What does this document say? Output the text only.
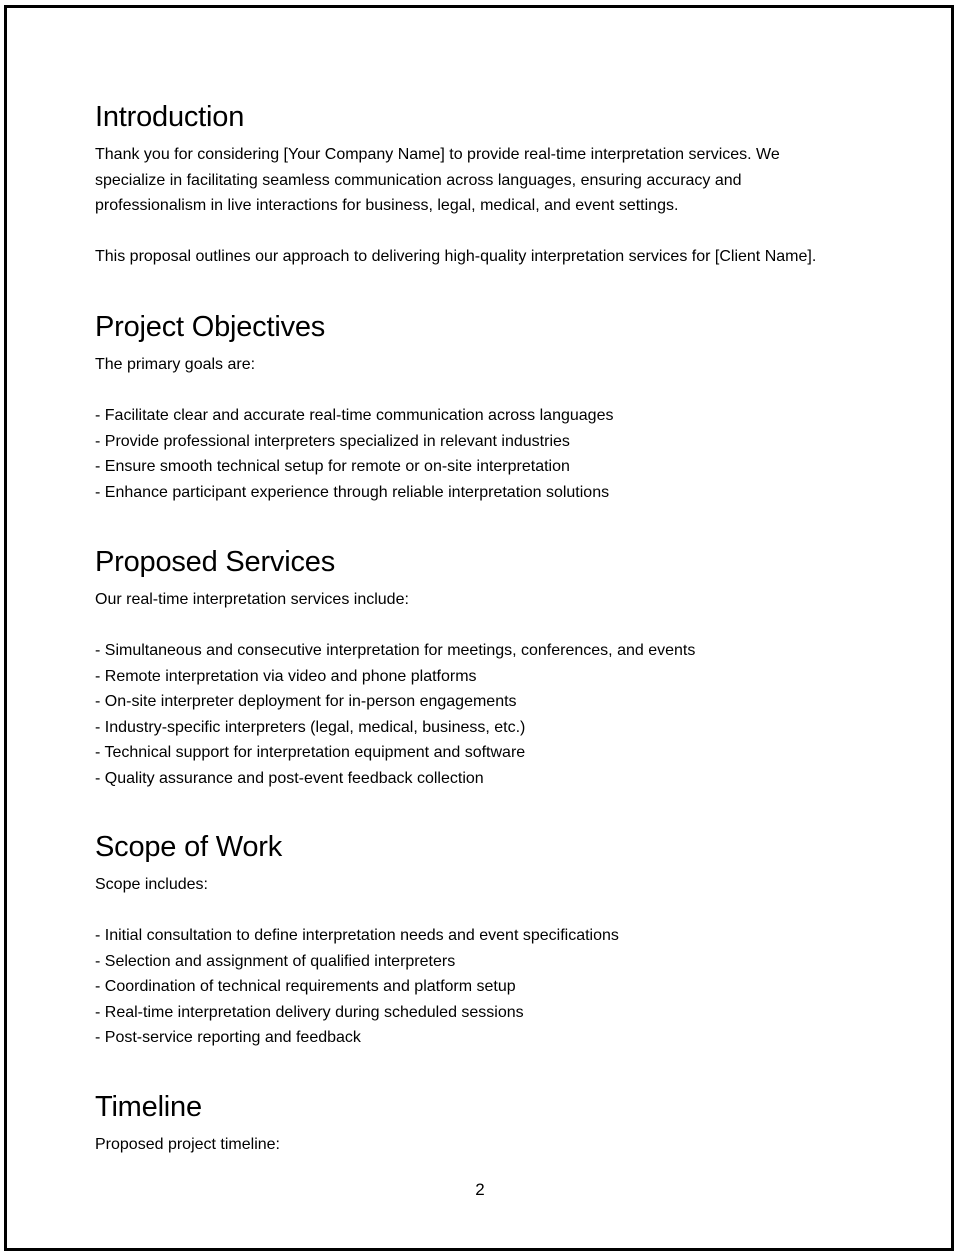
Introduction

Thank you for considering [Your Company Name] to provide real-time interpretation services. We

specialize in facilitating seamless communication across languages, ensuring accuracy and

professionalism in live interactions for business, legal, medical, and event settings.

This proposal outlines our approach to delivering high-quality interpretation services for [Client Name].

Project Objectives

The primary goals are:

- Facilitate clear and accurate real-time communication across languages
- Provide professional interpreters specialized in relevant industries
- Ensure smooth technical setup for remote or on-site interpretation
- Enhance participant experience through reliable interpretation solutions
Proposed Services

Our real-time interpretation services include:

- Simultaneous and consecutive interpretation for meetings, conferences, and events
- Remote interpretation via video and phone platforms
- On-site interpreter deployment for in-person engagements
- Industry-specific interpreters (legal, medical, business, etc.)
- Technical support for interpretation equipment and software
- Quality assurance and post-event feedback collection
Scope of Work

Scope includes:

- Initial consultation to define interpretation needs and event specifications
- Selection and assignment of qualified interpreters
- Coordination of technical requirements and platform setup
- Real-time interpretation delivery during scheduled sessions
- Post-service reporting and feedback
Timeline

Proposed project timeline:

2
